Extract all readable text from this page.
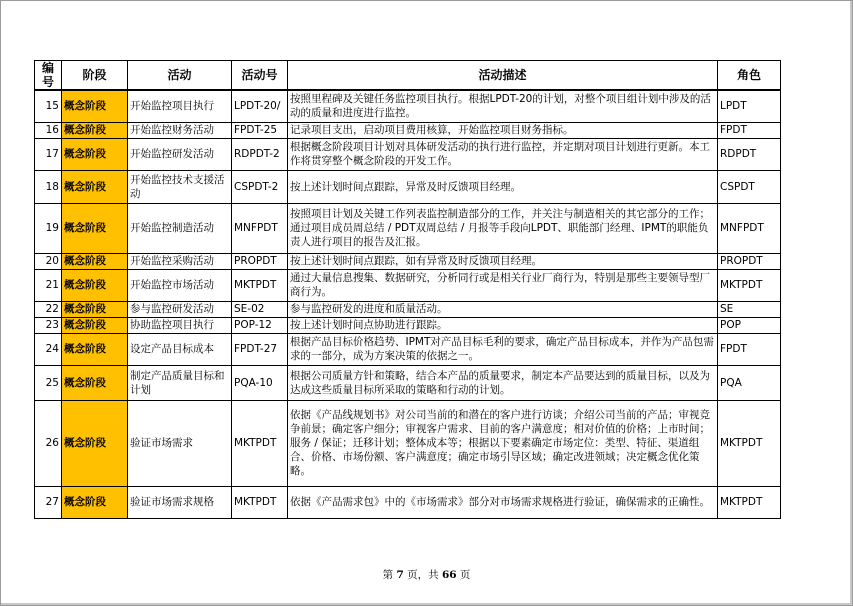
编号	阶段	活动	活动号	活动描述	角色
15	概念阶段	开始监控项目执行	LPDT-20/	按照里程碑及关键任务监控项目执行。根据LPDT-20的计划，对整个项目组计划中涉及的活动的质量和进度进行监控。	LPDT
16	概念阶段	开始监控财务活动	FPDT-25	记录项目支出，启动项目费用核算，开始监控项目财务指标。	FPDT
17	概念阶段	开始监控研发活动	RDPDT-2	根据概念阶段项目计划对具体研发活动的执行进行监控，并定期对项目计划进行更新。本工作将贯穿整个概念阶段的开发工作。	RDPDT
18	概念阶段	开始监控技术支援活动	CSPDT-2	按上述计划时间点跟踪，异常及时反馈项目经理。	CSPDT
19	概念阶段	开始监控制造活动	MNFPDT	按照项目计划及关键工作列表监控制造部分的工作，并关注与制造相关的其它部分的工作；通过项目成员周总结 / PDT双周总结 / 月报等手段向LPDT、职能部门经理、IPMT的职能负责人进行项目的报告及汇报。	MNFPDT
20	概念阶段	开始监控采购活动	PROPDT	按上述计划时间点跟踪，如有异常及时反馈项目经理。	PROPDT
21	概念阶段	开始监控市场活动	MKTPDT	通过大量信息搜集、数据研究，分析同行或是相关行业厂商行为，特别是那些主要领导型厂商行为。	MKTPDT
22	概念阶段	参与监控研发活动	SE-02	参与监控研发的进度和质量活动。	SE
23	概念阶段	协助监控项目执行	POP-12	按上述计划时间点协助进行跟踪。	POP
24	概念阶段	设定产品目标成本	FPDT-27	根据产品目标价格趋势、IPMT对产品目标毛利的要求，确定产品目标成本，并作为产品包需求的一部分，成为方案决策的依据之一。	FPDT
25	概念阶段	制定产品质量目标和计划	PQA-10	根据公司质量方针和策略，结合本产品的质量要求，制定本产品要达到的质量目标，以及为达成这些质量目标所采取的策略和行动的计划。	PQA
26	概念阶段	验证市场需求	MKTPDT	依据《产品线规划书》对公司当前的和潜在的客户进行访谈；介绍公司当前的产品；审视竞争前景；确定客户细分；审视客户需求、目前的客户满意度；相对价值的价格；上市时间；服务 / 保证；迁移计划；整体成本等；根据以下要素确定市场定位：类型、特征、渠道组合、价格、市场份额、客户满意度；确定市场引导区域；确定改进领域；决定概念优化策略。	MKTPDT
27	概念阶段	验证市场需求规格	MKTPDT	依据《产品需求包》中的《市场需求》部分对市场需求规格进行验证，确保需求的正确性。	MKTPDT
第 7 页，共 66 页
